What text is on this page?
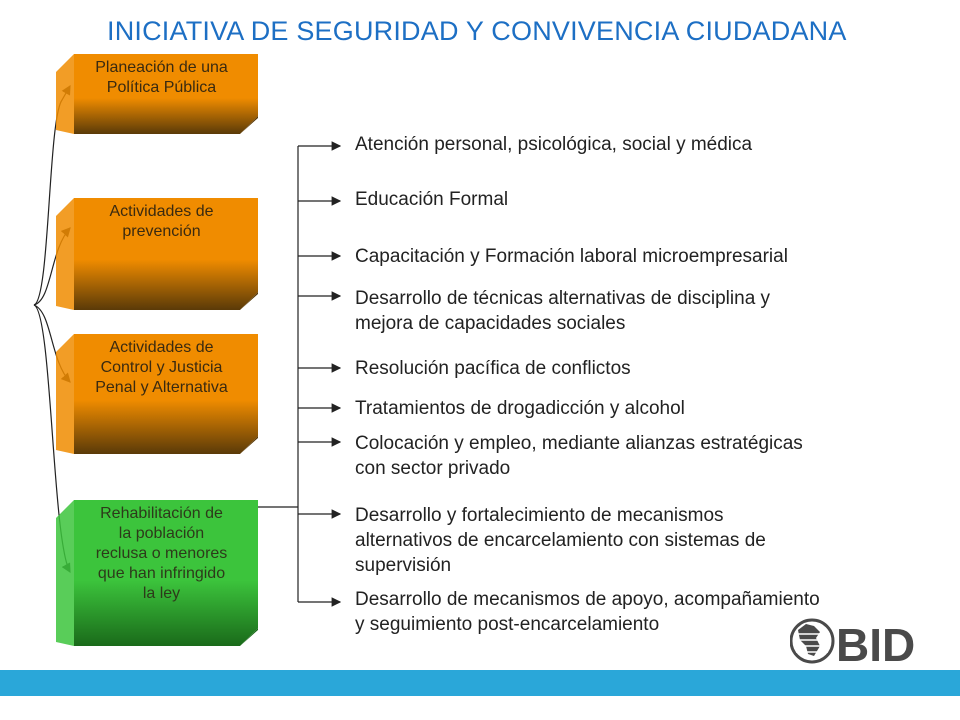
INICIATIVA DE SEGURIDAD Y CONVIVENCIA CIUDADANA
Planeación de una
Política Pública
Actividades de
prevención
Actividades de
Control y Justicia
Penal y Alternativa
Rehabilitación de
la población
reclusa o menores
que han infringido
la ley
Atención personal, psicológica, social y médica
Educación Formal
Capacitación y Formación laboral microempresarial
Desarrollo de técnicas alternativas de disciplina y
mejora de capacidades sociales
Resolución pacífica de conflictos
Tratamientos de drogadicción y alcohol
Colocación y empleo, mediante alianzas estratégicas
con sector privado
Desarrollo y fortalecimiento de mecanismos
alternativos de encarcelamiento con sistemas de
supervisión
Desarrollo de mecanismos de apoyo, acompañamiento
y seguimiento post-encarcelamiento	BID
